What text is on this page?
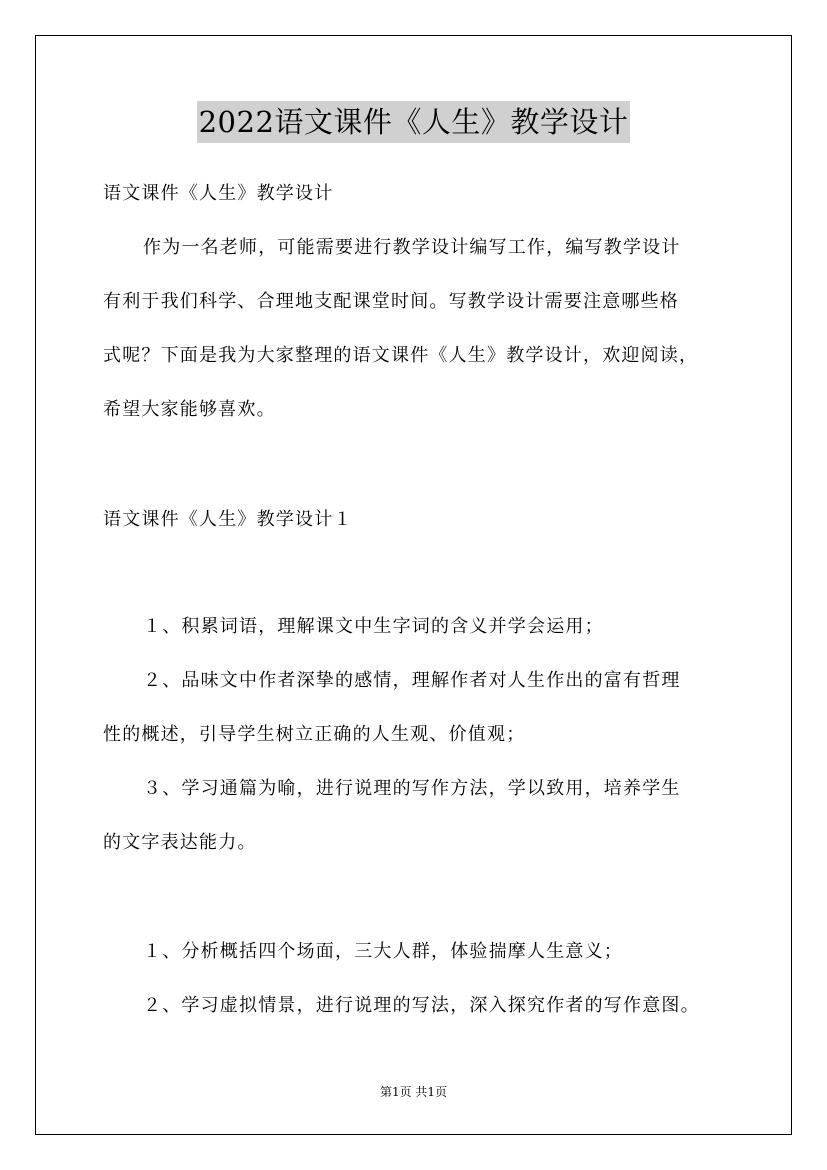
2022语文课件《人生》教学设计
语文课件《人生》教学设计
作为一名老师，可能需要进行教学设计编写工作，编写教学设计
有利于我们科学、合理地支配课堂时间。写教学设计需要注意哪些格
式呢？下面是我为大家整理的语文课件《人生》教学设计，欢迎阅读，
希望大家能够喜欢。
语文课件《人生》教学设计１
１、积累词语，理解课文中生字词的含义并学会运用；
２、品味文中作者深挚的感情，理解作者对人生作出的富有哲理
性的概述，引导学生树立正确的人生观、价值观；
３、学习通篇为喻，进行说理的写作方法，学以致用，培养学生
的文字表达能力。
１、分析概括四个场面，三大人群，体验揣摩人生意义；
２、学习虚拟情景，进行说理的写法，深入探究作者的写作意图。
第1页 共1页
